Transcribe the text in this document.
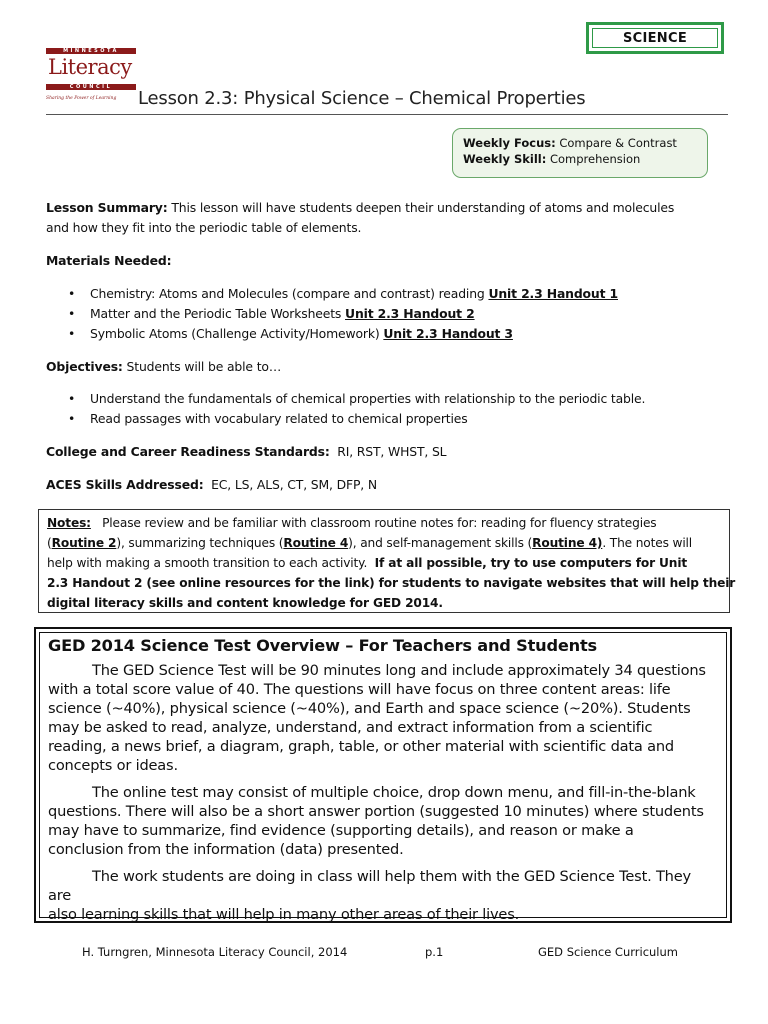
SCIENCE
MINNESOTA
Literacy
COUNCIL
Sharing the Power of Learning	Lesson 2.3: Physical Science – Chemical Properties
Weekly Focus: Compare & Contrast
Weekly Skill: Comprehension
Lesson Summary: This lesson will have students deepen their understanding of atoms and molecules
and how they fit into the periodic table of elements.
Materials Needed:
• Chemistry: Atoms and Molecules (compare and contrast) reading Unit 2.3 Handout 1
• Matter and the Periodic Table Worksheets Unit 2.3 Handout 2
• Symbolic Atoms (Challenge Activity/Homework) Unit 2.3 Handout 3
Objectives: Students will be able to…
• Understand the fundamentals of chemical properties with relationship to the periodic table.
• Read passages with vocabulary related to chemical properties
College and Career Readiness Standards: RI, RST, WHST, SL
ACES Skills Addressed: EC, LS, ALS, CT, SM, DFP, N
Notes: Please review and be familiar with classroom routine notes for: reading for fluency strategies
(Routine 2), summarizing techniques (Routine 4), and self-management skills (Routine 4). The notes will
help with making a smooth transition to each activity. If at all possible, try to use computers for Unit
2.3 Handout 2 (see online resources for the link) for students to navigate websites that will help their
digital literacy skills and content knowledge for GED 2014.
GED 2014 Science Test Overview – For Teachers and Students
The GED Science Test will be 90 minutes long and include approximately 34 questions
with a total score value of 40. The questions will have focus on three content areas: life
science (~40%), physical science (~40%), and Earth and space science (~20%). Students
may be asked to read, analyze, understand, and extract information from a scientific
reading, a news brief, a diagram, graph, table, or other material with scientific data and
concepts or ideas.
The online test may consist of multiple choice, drop down menu, and fill-in-the-blank
questions. There will also be a short answer portion (suggested 10 minutes) where students
may have to summarize, find evidence (supporting details), and reason or make a
conclusion from the information (data) presented.
The work students are doing in class will help them with the GED Science Test. They are
also learning skills that will help in many other areas of their lives.
H. Turngren, Minnesota Literacy Council, 2014	p.1	GED Science Curriculum
